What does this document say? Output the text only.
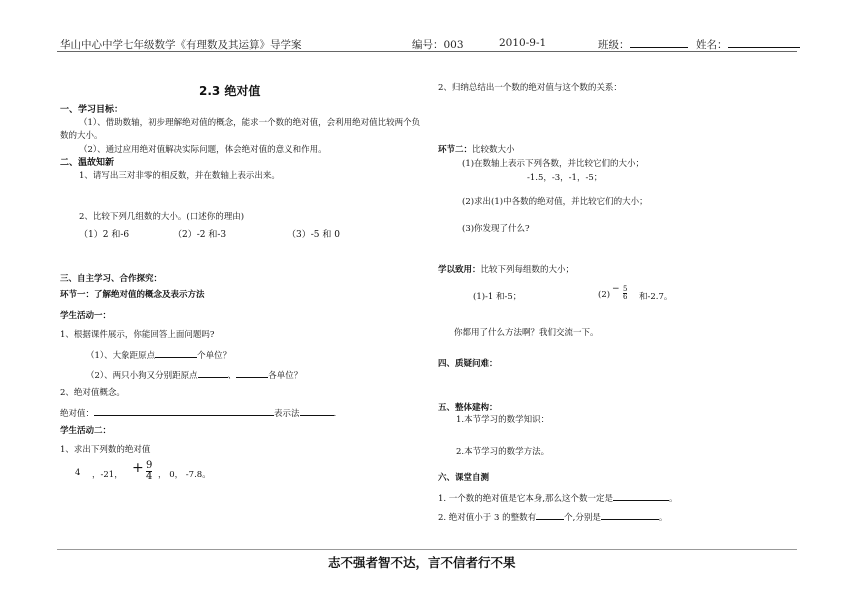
华山中心中学七年级数学《有理数及其运算》导学案	编号：003	2010-9-1	班级：	姓名：
2.3 绝对值
一、学习目标：
（1）、借助数轴，初步理解绝对值的概念，能求一个数的绝对值，会利用绝对值比较两个负
数的大小。
（2）、通过应用绝对值解决实际问题，体会绝对值的意义和作用。
二、温故知新
1、请写出三对非零的相反数，并在数轴上表示出来。
2、比较下列几组数的大小。(口述你的理由)
（1）2 和-6	（2）-2 和-3	（3）-5 和 0
三、自主学习、合作探究：
环节一：了解绝对值的概念及表示方法
学生活动一：
1、根据课件展示，你能回答上面问题吗?
（1）、大象距原点	个单位？
（2）、两只小狗又分别距原点	、	各单位？
2、绝对值概念。
绝对值：	表示法	.
学生活动二：
1、求出下列数的绝对值
4 ，-21， + $\frac{9}{4}$ ， 0， -7.8。
2、归纳总结出一个数的绝对值与这个数的关系：
环节二：比较数大小
(1)在数轴上表示下列各数，并比较它们的大小；
-1.5，-3，-1，-5；
(2)求出(1)中各数的绝对值，并比较它们的大小；
(3)你发现了什么?
学以致用：比较下列每组数的大小；
(1)-1 和-5；	(2)
− $\frac{5}{6}$ 和-2.7。
你都用了什么方法啊？我们交流一下。
四、质疑问难：
五、整体建构：
1.本节学习的数学知识：
2.本节学习的数学方法。
六、课堂自测
1. 一个数的绝对值是它本身,那么这个数一定是	。
2. 绝对值小于 3 的整数有	个,分别是	。
志不强者智不达，言不信者行不果
